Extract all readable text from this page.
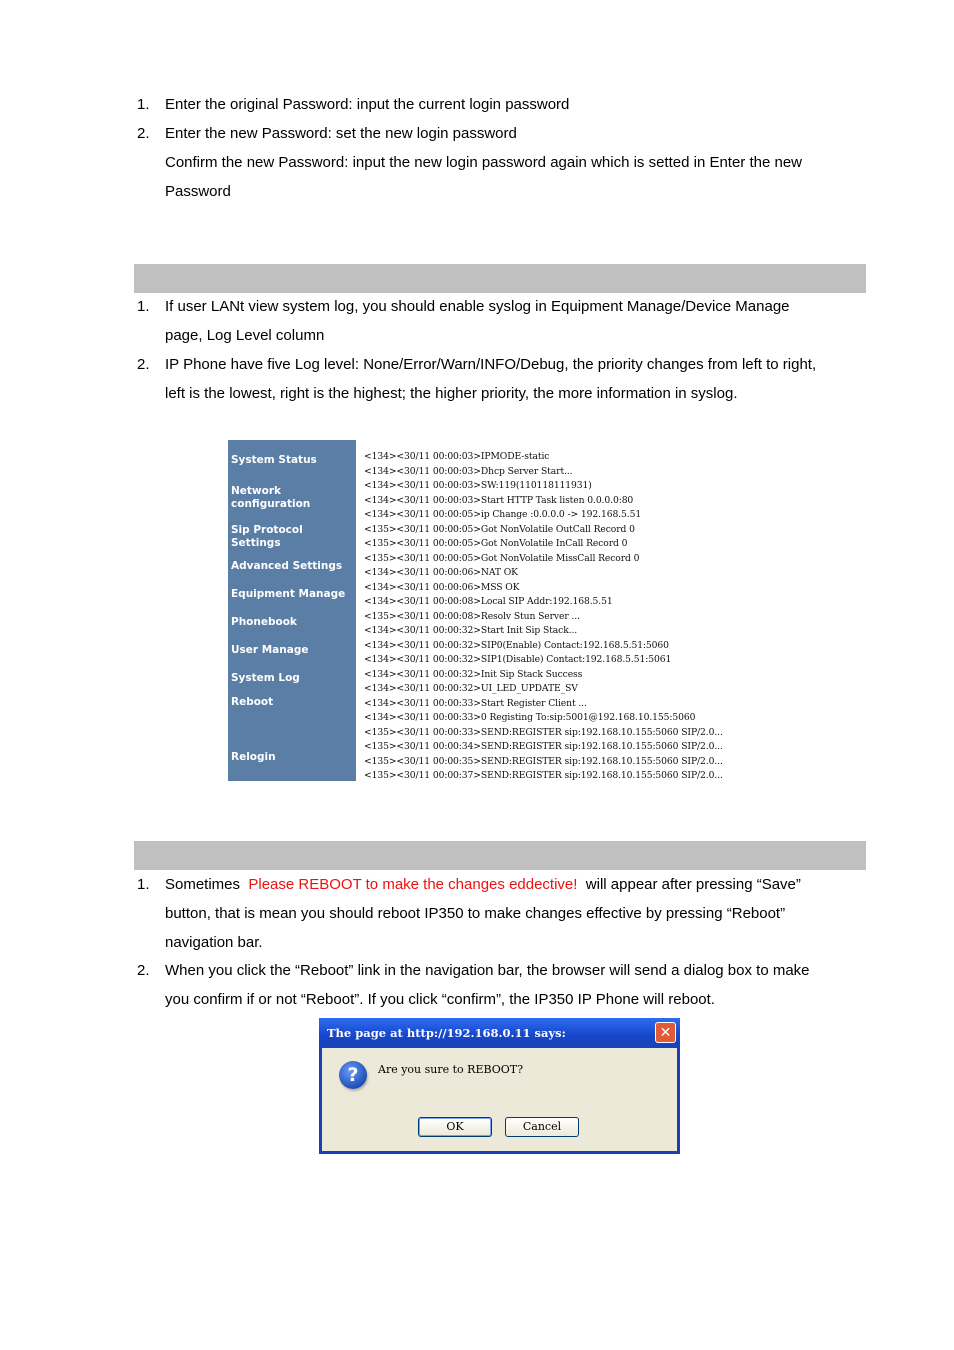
1. Enter the original Password: input the current login password
2. Enter the new Password: set the new login password
Confirm the new Password: input the new login password again which is setted in Enter the new
Password
1. If user LANt view system log, you should enable syslog in Equipment Manage/Device Manage
page, Log Level column
2. IP Phone have five Log level: None/Error/Warn/INFO/Debug, the priority changes from left to right,
left is the lowest, right is the highest; the higher priority, the more information in syslog.
System Status
Network
configuration
Sip Protocol
Settings
Advanced Settings
Equipment Manage
Phonebook
User Manage
System Log
Reboot
Relogin
<134><30/11 00:00:03>IPMODE-static
<134><30/11 00:00:03>Dhcp Server Start...
<134><30/11 00:00:03>SW:119(110118111931)
<134><30/11 00:00:03>Start HTTP Task listen 0.0.0.0:80
<134><30/11 00:00:05>ip Change :0.0.0.0 -> 192.168.5.51
<135><30/11 00:00:05>Got NonVolatile OutCall Record 0
<135><30/11 00:00:05>Got NonVolatile InCall Record 0
<135><30/11 00:00:05>Got NonVolatile MissCall Record 0
<134><30/11 00:00:06>NAT OK
<134><30/11 00:00:06>MSS OK
<134><30/11 00:00:08>Local SIP Addr:192.168.5.51
<135><30/11 00:00:08>Resolv Stun Server ...
<134><30/11 00:00:32>Start Init Sip Stack...
<134><30/11 00:00:32>SIP0(Enable) Contact:192.168.5.51:5060
<134><30/11 00:00:32>SIP1(Disable) Contact:192.168.5.51:5061
<134><30/11 00:00:32>Init Sip Stack Success
<134><30/11 00:00:32>UI_LED_UPDATE_SV
<134><30/11 00:00:33>Start Register Client ...
<134><30/11 00:00:33>0 Registing To:sip:5001@192.168.10.155:5060
<135><30/11 00:00:33>SEND:REGISTER sip:192.168.10.155:5060 SIP/2.0...
<135><30/11 00:00:34>SEND:REGISTER sip:192.168.10.155:5060 SIP/2.0...
<135><30/11 00:00:35>SEND:REGISTER sip:192.168.10.155:5060 SIP/2.0...
<135><30/11 00:00:37>SEND:REGISTER sip:192.168.10.155:5060 SIP/2.0...
1. Sometimes Please REBOOT to make the changes eddective! will appear after pressing “Save”
button, that is mean you should reboot IP350 to make changes effective by pressing “Reboot”
navigation bar.
2. When you click the “Reboot” link in the navigation bar, the browser will send a dialog box to make
you confirm if or not “Reboot”. If you click “confirm”, the IP350 IP Phone will reboot.
The page at http://192.168.0.11 says:	✕
?	Are you sure to REBOOT?
OK	Cancel
